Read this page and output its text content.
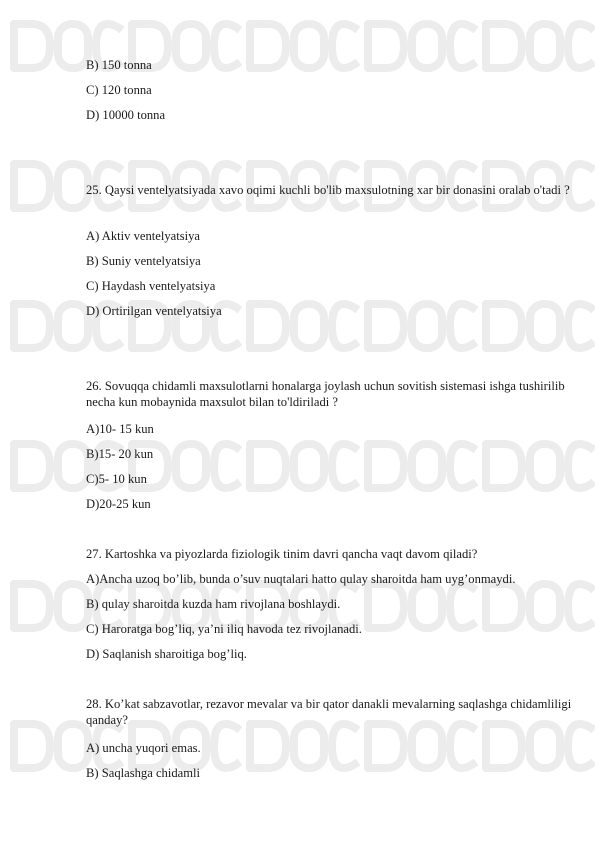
B) 150 tonna
C) 120 tonna
D) 10000 tonna
25. Qaysi ventelyatsiyada xavo oqimi kuchli bo'lib maxsulotning xar bir donasini oralab o'tadi ?
A) Aktiv ventelyatsiya
B) Suniy ventelyatsiya
C) Haydash ventelyatsiya
D) Ortirilgan ventelyatsiya
26. Sovuqqa chidamli maxsulotlarni honalarga joylash uchun sovitish sistemasi ishga tushirilib necha kun mobaynida maxsulot bilan to'ldiriladi ?
A)10- 15 kun
B)15- 20 kun
C)5- 10 kun
D)20-25 kun
27. Kartoshka va piyozlarda fiziologik tinim davri qancha vaqt davom qiladi?
A)Ancha uzoq bo’lib, bunda o’suv nuqtalari hatto qulay sharoitda ham uyg’onmaydi.
B) qulay sharoitda kuzda ham rivojlana boshlaydi.
C) Haroratga bog’liq, ya’ni iliq havoda tez rivojlanadi.
D) Saqlanish sharoitiga bog’liq.
28. Ko’kat sabzavotlar, rezavor mevalar va bir qator danakli mevalarning saqlashga chidamliligi qanday?
A) uncha yuqori emas.
B) Saqlashga chidamli
